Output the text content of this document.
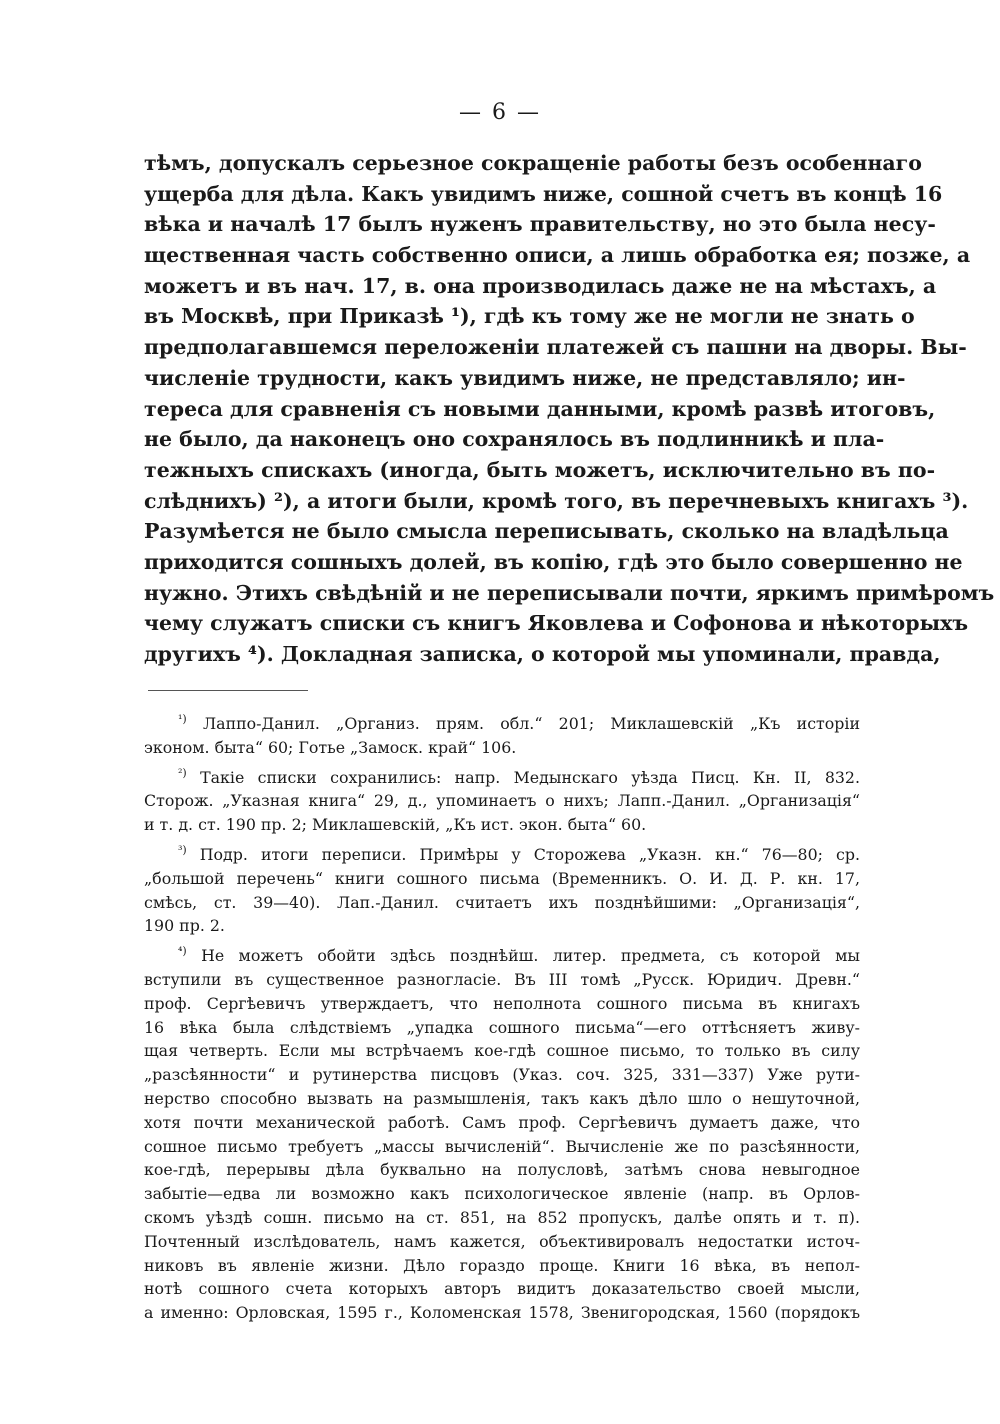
— 6 —
тѣмъ, допускалъ серьезное сокращеніе работы безъ особеннаго
ущерба для дѣла. Какъ увидимъ ниже, сошной счетъ въ концѣ 16
вѣка и началѣ 17 былъ нуженъ правительству, но это была несу-
щественная часть собственно описи, а лишь обработка ея; позже, а
можетъ и въ нач. 17, в. она производилась даже не на мѣстахъ, а
въ Москвѣ, при Приказѣ ¹), гдѣ къ тому же не могли не знать о
предполагавшемся переложеніи платежей съ пашни на дворы. Вы-
численіе трудности, какъ увидимъ ниже, не представляло; ин-
тереса для сравненія съ новыми данными, кромѣ развѣ итоговъ,
не было, да наконецъ оно сохранялось въ подлинникѣ и пла-
тежныхъ спискахъ (иногда, быть можетъ, исключительно въ по-
слѣднихъ) ²), а итоги были, кромѣ того, въ перечневыхъ книгахъ ³).
Разумѣется не было смысла переписывать, сколько на владѣльца
приходится сошныхъ долей, въ копію, гдѣ это было совершенно не
нужно. Этихъ свѣдѣній и не переписывали почти, яркимъ примѣромъ
чему служатъ списки съ книгъ Яковлева и Софонова и нѣкоторыхъ
другихъ ⁴). Докладная записка, о которой мы упоминали, правда,
$^{^1)}$ Лаппо-Данил. „Организ. прям. обл.“ 201; Миклашевскій „Къ исторіи
эконом. быта“ 60; Готье „Замоск. край“ 106.
$^{^2)}$ Такіе списки сохранились: напр. Медынскаго уѣзда Писц. Кн. II, 832.
Сторож. „Указная книга“ 29, д., упоминаетъ о нихъ; Лапп.-Данил. „Организація“
и т. д. ст. 190 пр. 2; Миклашевскій, „Къ ист. экон. быта“ 60.
$^{^3)}$ Подр. итоги переписи. Примѣры у Сторожева „Указн. кн.“ 76—80; ср.
„большой перечень“ книги сошного письма (Временникъ. О. И. Д. Р. кн. 17,
смѣсь, ст. 39—40). Лап.-Данил. считаетъ ихъ позднѣйшими: „Организація“,
190 пр. 2.
$^{^4)}$ Не можетъ обойти здѣсь позднѣйш. литер. предмета, съ которой мы
вступили въ существенное разногласіе. Въ III томѣ „Русск. Юридич. Древн.“
проф. Сергѣевичъ утверждаетъ, что неполнота сошного письма въ книгахъ
16 вѣка была слѣдствіемъ „упадка сошного письма“—его оттѣсняетъ живу-
щая четверть. Если мы встрѣчаемъ кое-гдѣ сошное письмо, то только въ силу
„разсѣянности“ и рутинерства писцовъ (Указ. соч. 325, 331—337) Уже рути-
нерство способно вызвать на размышленія, такъ какъ дѣло шло о нешуточной,
хотя почти механической работѣ. Самъ проф. Сергѣевичъ думаетъ даже, что
сошное письмо требуетъ „массы вычисленій“. Вычисленіе же по разсѣянности,
кое-гдѣ, перерывы дѣла буквально на полусловѣ, затѣмъ снова невыгодное
забытіе—едва ли возможно какъ психологическое явленіе (напр. въ Орлов-
скомъ уѣздѣ сошн. письмо на ст. 851, на 852 пропускъ, далѣе опять и т. п).
Почтенный изслѣдователь, намъ кажется, объективировалъ недостатки источ-
никовъ въ явленіе жизни. Дѣло гораздо проще. Книги 16 вѣка, въ непол-
нотѣ сошного счета которыхъ авторъ видитъ доказательство своей мысли,
а именно: Орловская, 1595 г., Коломенская 1578, Звенигородская, 1560 (порядокъ
